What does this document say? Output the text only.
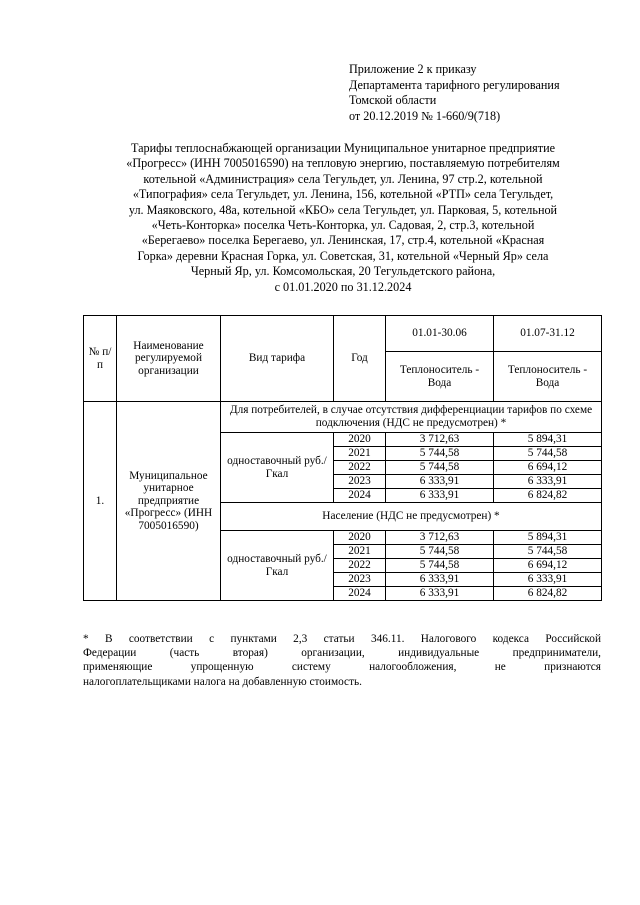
Приложение 2 к приказу
Департамента тарифного регулирования
Томской области
от 20.12.2019 № 1-660/9(718)
Тарифы теплоснабжающей организации Муниципальное унитарное предприятие
«Прогресс» (ИНН 7005016590) на тепловую энергию, поставляемую потребителям
котельной «Администрация» села Тегульдет, ул. Ленина, 97 стр.2, котельной
«Типография» села Тегульдет, ул. Ленина, 156, котельной «РТП» села Тегульдет,
ул. Маяковского, 48а, котельной «КБО» села Тегульдет, ул. Парковая, 5, котельной
«Четь-Конторка» поселка Четь-Конторка, ул. Садовая, 2, стр.3, котельной
«Берегаево» поселка Берегаево, ул. Ленинская, 17, стр.4, котельной «Красная
Горка» деревни Красная Горка, ул. Советская, 31, котельной «Черный Яр» села
Черный Яр, ул. Комсомольская, 20 Тегульдетского района,
с 01.01.2020 по 31.12.2024
№ п/п	Наименование регулируемой организации	Вид тарифа	Год	01.01-30.06	01.07-31.12
				Теплоноситель - Вода	Теплоноситель - Вода
1.	Муниципальное унитарное предприятие «Прогресс» (ИНН 7005016590)	Для потребителей, в случае отсутствия дифференциации тарифов по схеме подключения (НДС не предусмотрен) *			
		одноставочный руб./Гкал	2020	3 712,63	5 894,31
			2021	5 744,58	5 744,58
			2022	5 744,58	6 694,12
			2023	6 333,91	6 333,91
			2024	6 333,91	6 824,82
		Население (НДС не предусмотрен) *			
		одноставочный руб./Гкал	2020	3 712,63	5 894,31
			2021	5 744,58	5 744,58
			2022	5 744,58	6 694,12
			2023	6 333,91	6 333,91
			2024	6 333,91	6 824,82
* В соответствии с пунктами 2,3 статьи 346.11. Налогового кодекса Российской
Федерации (часть вторая) организации, индивидуальные предприниматели,
применяющие упрощенную систему налогообложения, не признаются
налогоплательщиками налога на добавленную стоимость.
